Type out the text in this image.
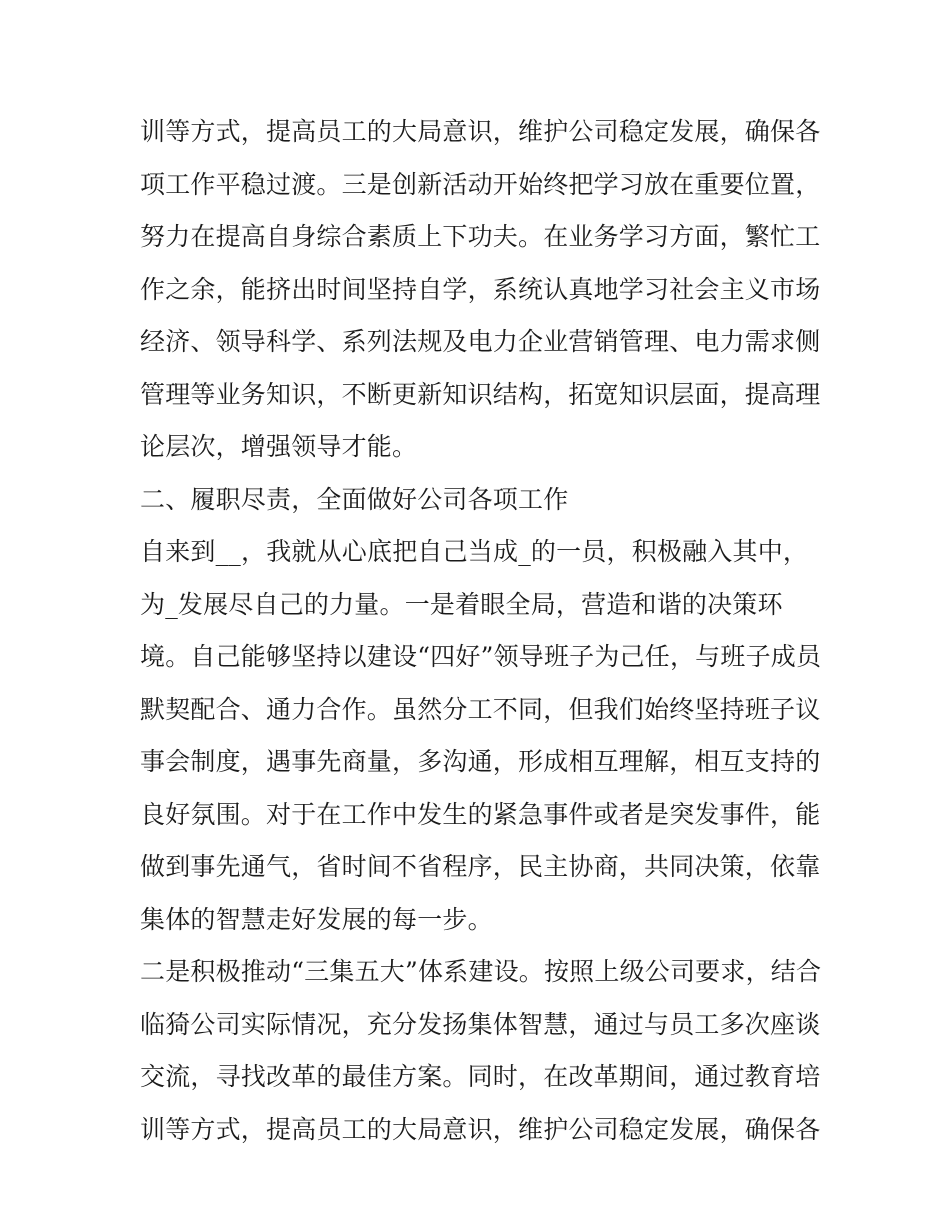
训等方式，提高员工的大局意识，维护公司稳定发展，确保各
项工作平稳过渡。三是创新活动开始终把学习放在重要位置，
努力在提高自身综合素质上下功夫。在业务学习方面，繁忙工
作之余，能挤出时间坚持自学，系统认真地学习社会主义市场
经济、领导科学、系列法规及电力企业营销管理、电力需求侧
管理等业务知识，不断更新知识结构，拓宽知识层面，提高理
论层次，增强领导才能。
二、履职尽责，全面做好公司各项工作
自来到__，我就从心底把自己当成_的一员，积极融入其中，
为_发展尽自己的力量。一是着眼全局，营造和谐的决策环
境。自己能够坚持以建设“四好”领导班子为己任，与班子成员
默契配合、通力合作。虽然分工不同，但我们始终坚持班子议
事会制度，遇事先商量，多沟通，形成相互理解，相互支持的
良好氛围。对于在工作中发生的紧急事件或者是突发事件，能
做到事先通气，省时间不省程序，民主协商，共同决策，依靠
集体的智慧走好发展的每一步。
二是积极推动“三集五大”体系建设。按照上级公司要求，结合
临猗公司实际情况，充分发扬集体智慧，通过与员工多次座谈
交流，寻找改革的最佳方案。同时，在改革期间，通过教育培
训等方式，提高员工的大局意识，维护公司稳定发展，确保各
